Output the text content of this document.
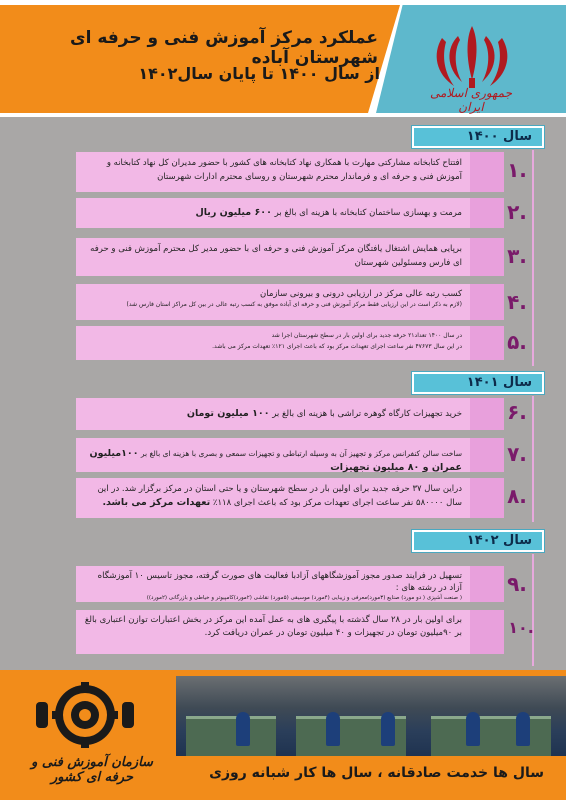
عملکرد مرکز آموزش فنی و حرفه ای شهرستان آباده
از سال ۱۴۰۰ تا پایان سال۱۴۰۲
جمهوری اسلامی ایران
سال ۱۴۰۰
افتتاح کتابخانه مشارکتی مهارت با همکاری نهاد کتابخانه های کشور با حضور مدیران کل نهاد کتابخانه و آموزش فنی و حرفه ای و فرماندار محترم شهرستان و روسای محترم ادارات شهرستان	.۱
مرمت و بهسازی ساختمان کتابخانه با هزینه ای بالغ بر ۶۰۰ میلیون ریال	.۲
برپایی همایش اشتغال یافتگان مرکز آموزش فنی و حرفه ای با حضور مدیر کل محترم آموزش فنی و حرفه ای فارس ومسئولین شهرستان	.۳
کسب رتبه عالی مرکز در ارزیابی درونی و بیرونی سازمان
(لازم به ذکر است در این ارزیابی فقط مرکز آموزش فنی و حرفه ای آباده موفق به کسب رتبه عالی در بین کل مراکز استان فارس شد) .۴
در سال ۱۴۰۰ تعداد۲۱ حرفه جدید برای اولین بار در سطح شهرستان اجرا شد
در این سال ۴۷۶۷۳ نفر ساعت اجرای تعهدات مرکز بود که باعث اجرای ۱۲۱٪ تعهدات مرکز می باشد. .۵
سال ۱۴۰۱
خرید تجهیزات کارگاه گوهره تراشی با هزینه ای بالغ بر ۱۰۰ میلیون تومان	.۶
ساخت سالن کنفرانس مرکز و تجهیز آن به وسیله ارتباطی و تجهیزات سمعی و بصری با هزینه ای بالغ بر ۱۰۰میلیون عمران و ۸۰ میلیون تجهیزات
.۷
دراین سال ۳۷ حرفه جدید برای اولین بار در سطح شهرستان و یا حتی استان در مرکز برگزار شد. در این سال ۵۸۰۰۰۰ نفر ساعت اجرای تعهدات مرکز بود که باعث اجرای ۱۱۸٪ تعهدات مرکز می باشد.	.۸
سال ۱۴۰۲
تسهیل در فرایند صدور مجوز آموزشگاههای آزادبا فعالیت های صورت گرفته، مجوز تاسیس ۱۰ آموزشگاه آزاد در رشته های :
( صنعت آشپزی ( دو مورد) صنایع (۳مورد)معرفی و زیبایی (۴مورد) موسیقی (۵مورد) نقاشی (۲مورد)کامپیوتر و خیاطی و بازرگانی (۲مورد))
.۹
برای اولین بار در ۲۸ سال گذشته با پیگیری های به عمل آمده این مرکز در بخش اعتبارات توازن اعتباری بالغ بر ۹۰میلیون تومان در تجهیزات و ۴۰ میلیون تومان در عمران دریافت کرد.	.۱۰
سال ها خدمت صادقانه ، سال ها کار شبانه روزی
سازمان آموزش فنی و حرفه ای کشور
